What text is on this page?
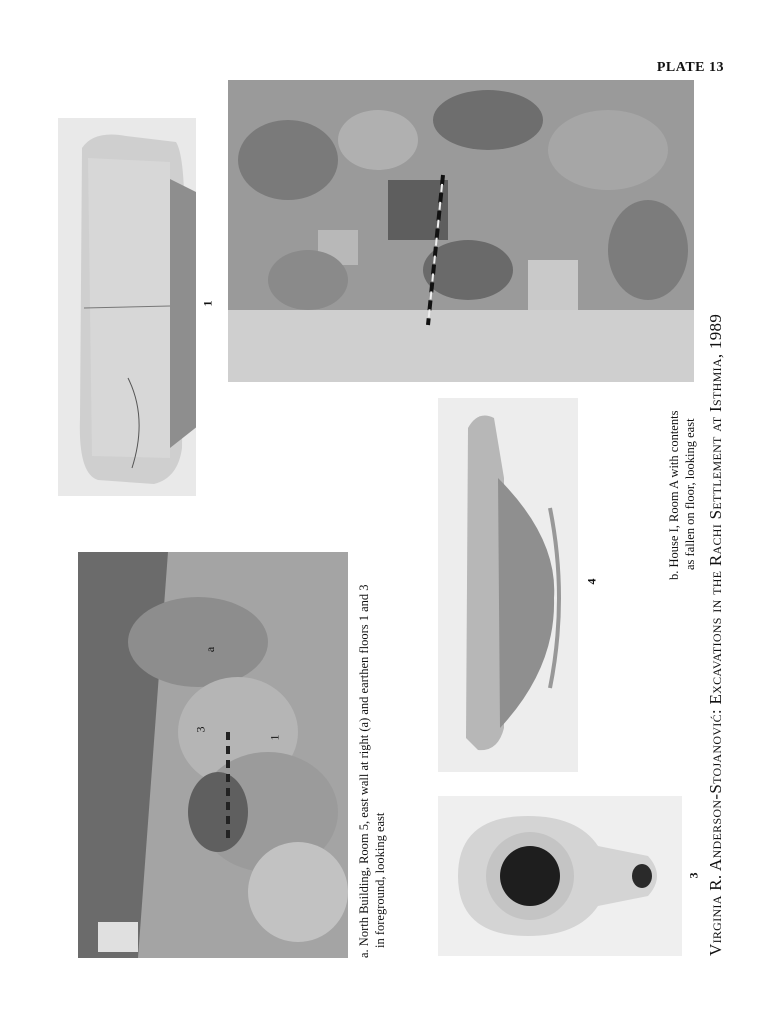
PLATE 13
1
a
3
1	a. North Building, Room 5, east wall at right (a) and earthen floors 1 and 3 in foreground, looking east
4
b. House I, Room A with contents as fallen on floor, looking east
3 Virginia R. Anderson-Stojanović: Excavations in the Rachi Settlement at Isthmia, 1989
